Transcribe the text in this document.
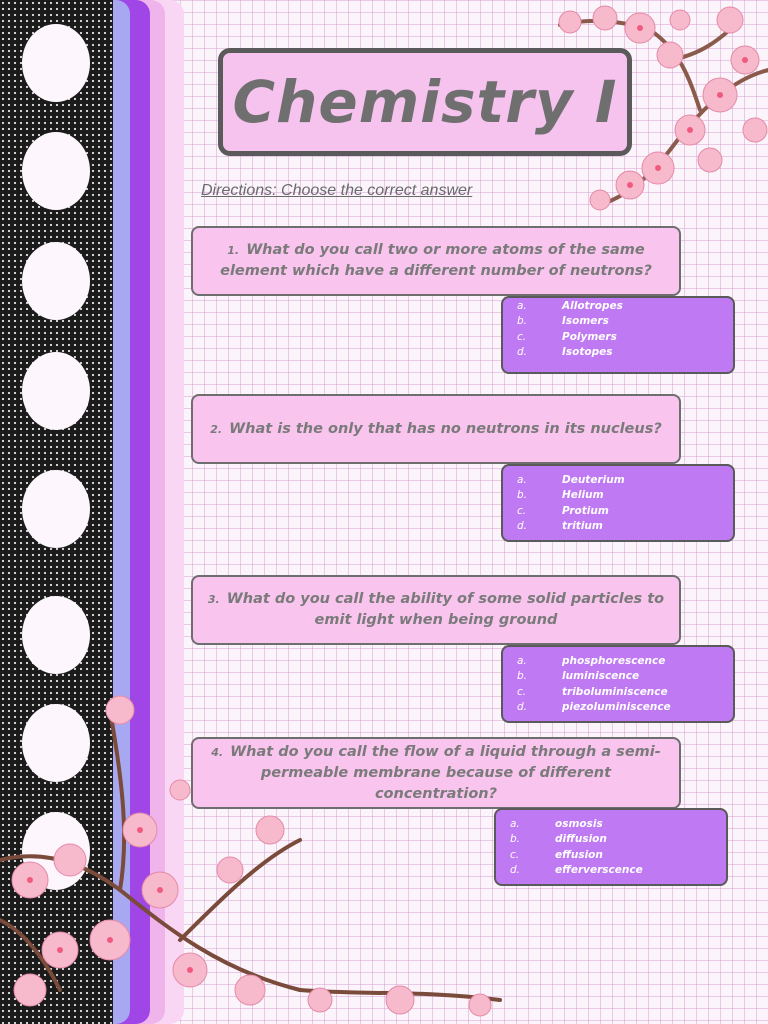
Chemistry I
Directions: Choose the correct answer
1. What do you call two or more atoms of the same element which have a different number of neutrons?
a.	Allotropes
b.	Isomers
c.	Polymers
d.	Isotopes
2. What is the only that has no neutrons in its nucleus?
a.	Deuterium
b.	Helium
c.	Protium
d.	tritium
3. What do you call the ability of some solid particles to emit light when being ground
a.	phosphorescence
b.	luminiscence
c.	triboluminiscence
d.	piezoluminiscence
4. What do you call the flow of a liquid through a semi-permeable membrane because of different concentration?
a.	osmosis
b.	diffusion
c.	effusion
d.	efferverscence
